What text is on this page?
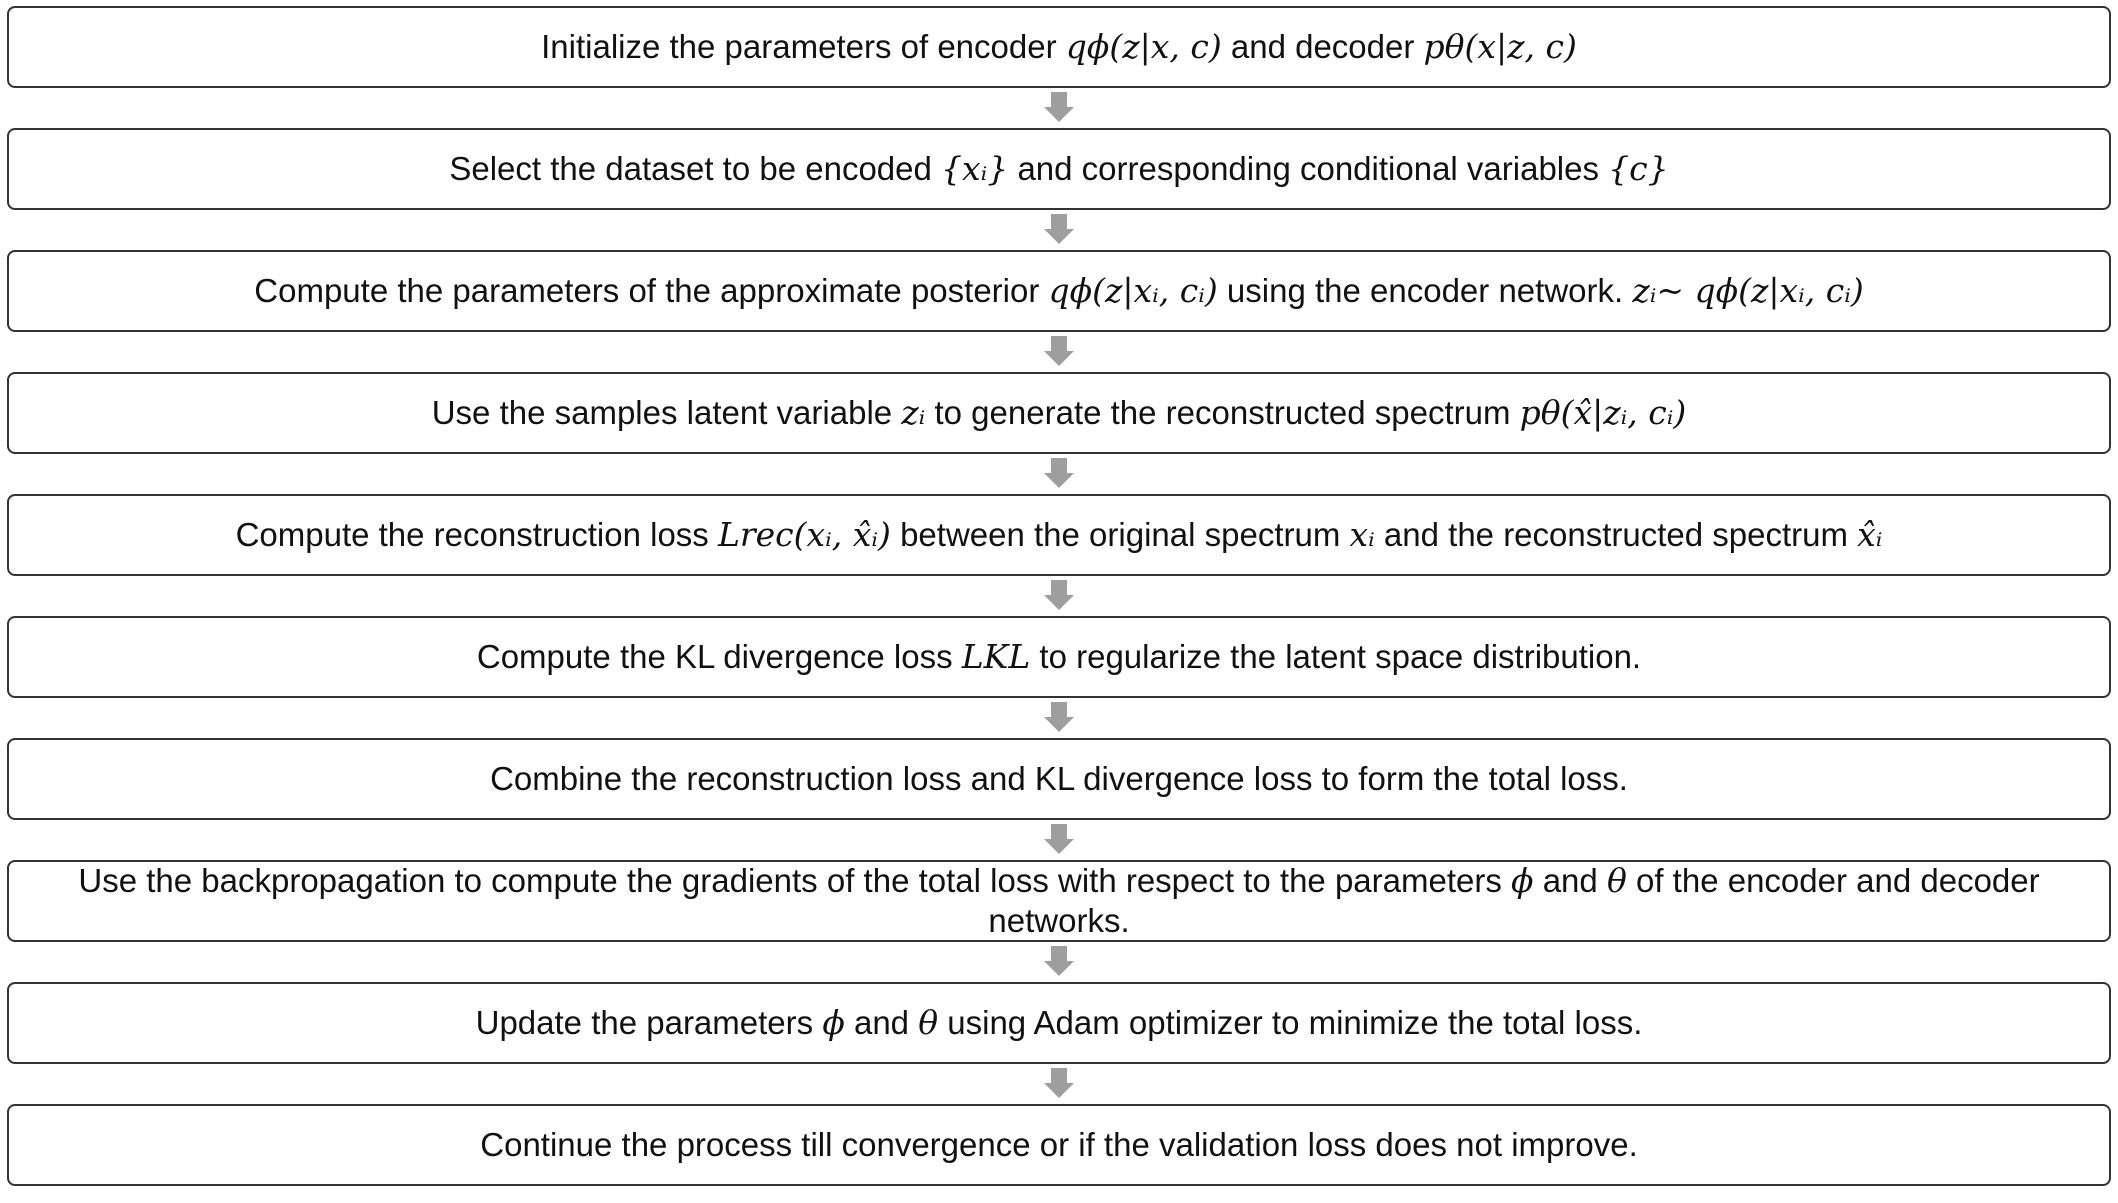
Initialize the parameters of encoder qϕ(z|x, c) and decoder pθ(x|z, c)
Select the dataset to be encoded {xᵢ} and corresponding conditional variables {c}
Compute the parameters of the approximate posterior qϕ(z|xᵢ, cᵢ) using the encoder network. zᵢ~ qϕ(z|xᵢ, cᵢ)
Use the samples latent variable zᵢ to generate the reconstructed spectrum pθ(x̂|zᵢ, cᵢ)
Compute the reconstruction loss Lrec(xᵢ, x̂ᵢ) between the original spectrum xᵢ and the reconstructed spectrum x̂ᵢ
Compute the KL divergence loss LKL to regularize the latent space distribution.
Combine the reconstruction loss and KL divergence loss to form the total loss.
Use the backpropagation to compute the gradients of the total loss with respect to the parameters ϕ and θ of the encoder and decoder networks.
Update the parameters ϕ and θ using Adam optimizer to minimize the total loss.
Continue the process till convergence or if the validation loss does not improve.
